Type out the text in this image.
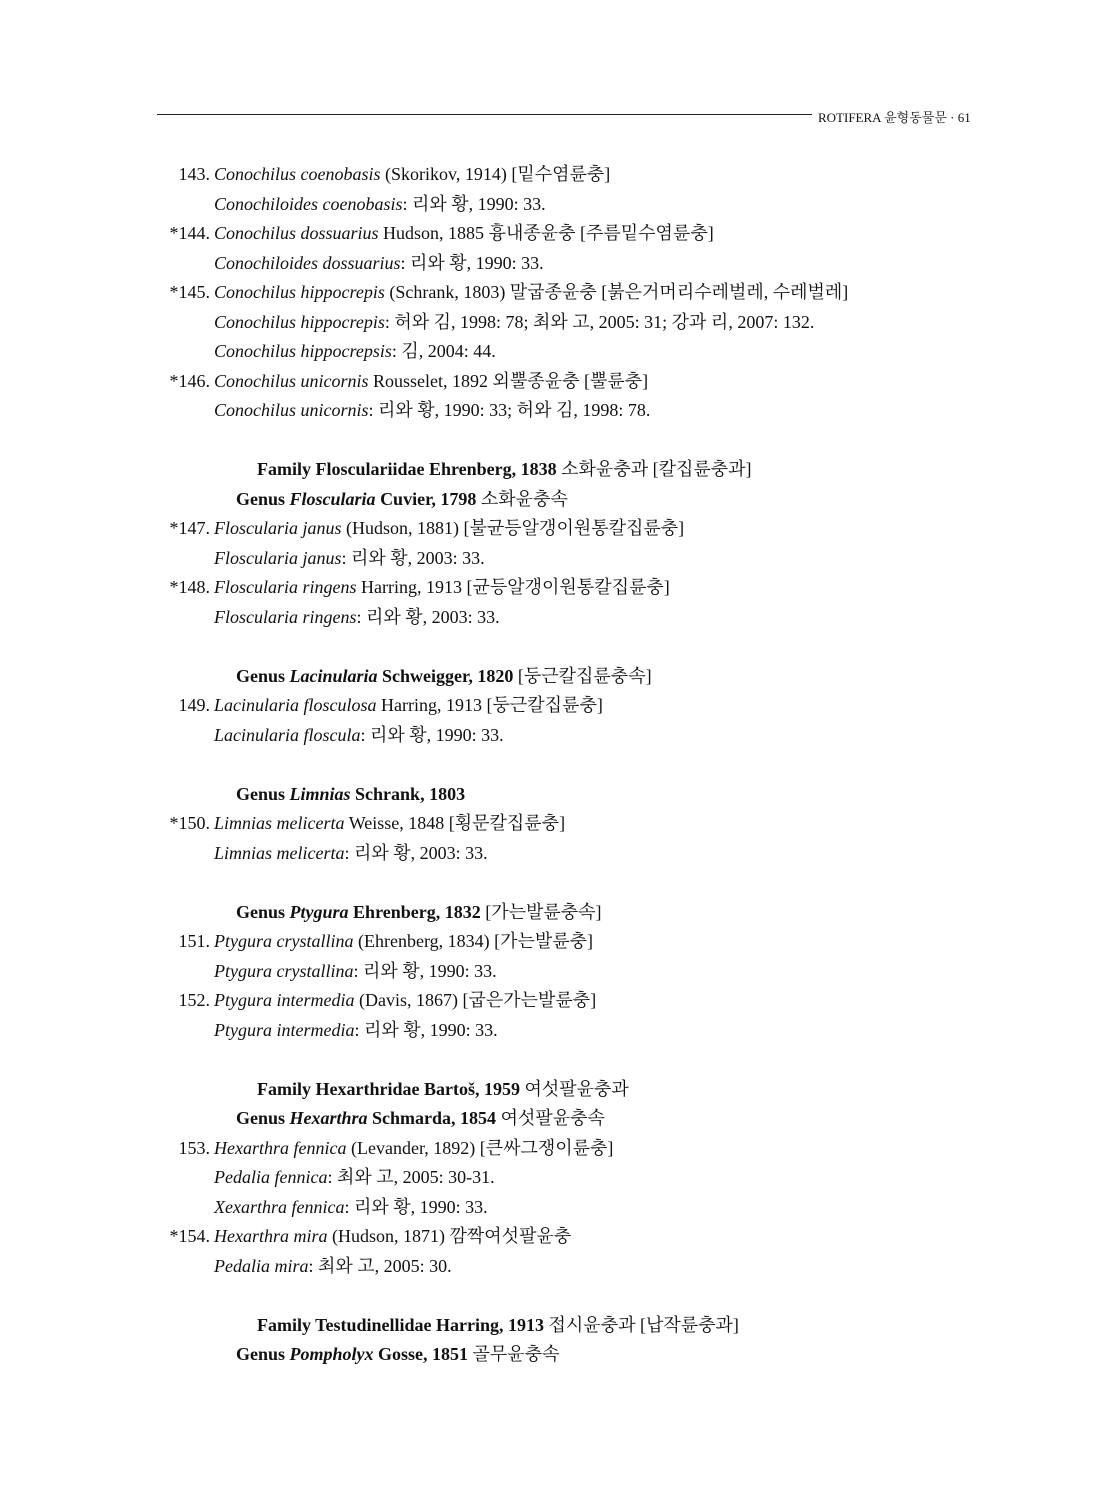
ROTIFERA 윤형동물문 · 61
143. Conochilus coenobasis (Skorikov, 1914) [밑수염륜충]
Conochiloides coenobasis: 리와 황, 1990: 33.
*144. Conochilus dossuarius Hudson, 1885 흉내종윤충 [주름밑수염륜충]
Conochiloides dossuarius: 리와 황, 1990: 33.
*145. Conochilus hippocrepis (Schrank, 1803) 말굽종윤충 [붉은거머리수레벌레, 수레벌레]
Conochilus hippocrepis: 허와 김, 1998: 78; 최와 고, 2005: 31; 강과 리, 2007: 132.
Conochilus hippocrepsis: 김, 2004: 44.
*146. Conochilus unicornis Rousselet, 1892 외뿔종윤충 [뿔륜충]
Conochilus unicornis: 리와 황, 1990: 33; 허와 김, 1998: 78.
Family Flosculariidae Ehrenberg, 1838 소화윤충과 [칼집륜충과]
Genus Floscularia Cuvier, 1798 소화윤충속
*147. Floscularia janus (Hudson, 1881) [불균등알갱이원통칼집륜충]
Floscularia janus: 리와 황, 2003: 33.
*148. Floscularia ringens Harring, 1913 [균등알갱이원통칼집륜충]
Floscularia ringens: 리와 황, 2003: 33.
Genus Lacinularia Schweigger, 1820 [둥근칼집륜충속]
149. Lacinularia flosculosa Harring, 1913 [둥근칼집륜충]
Lacinularia floscula: 리와 황, 1990: 33.
Genus Limnias Schrank, 1803
*150. Limnias melicerta Weisse, 1848 [횡문칼집륜충]
Limnias melicerta: 리와 황, 2003: 33.
Genus Ptygura Ehrenberg, 1832 [가는발륜충속]
151. Ptygura crystallina (Ehrenberg, 1834) [가는발륜충]
Ptygura crystallina: 리와 황, 1990: 33.
152. Ptygura intermedia (Davis, 1867) [굽은가는발륜충]
Ptygura intermedia: 리와 황, 1990: 33.
Family Hexarthridae Bartoš, 1959 여섯팔윤충과
Genus Hexarthra Schmarda, 1854 여섯팔윤충속
153. Hexarthra fennica (Levander, 1892) [큰싸그쟁이륜충]
Pedalia fennica: 최와 고, 2005: 30-31.
Xexarthra fennica: 리와 황, 1990: 33.
*154. Hexarthra mira (Hudson, 1871) 깜짝여섯팔윤충
Pedalia mira: 최와 고, 2005: 30.
Family Testudinellidae Harring, 1913 접시윤충과 [납작륜충과]
Genus Pompholyx Gosse, 1851 골무윤충속
